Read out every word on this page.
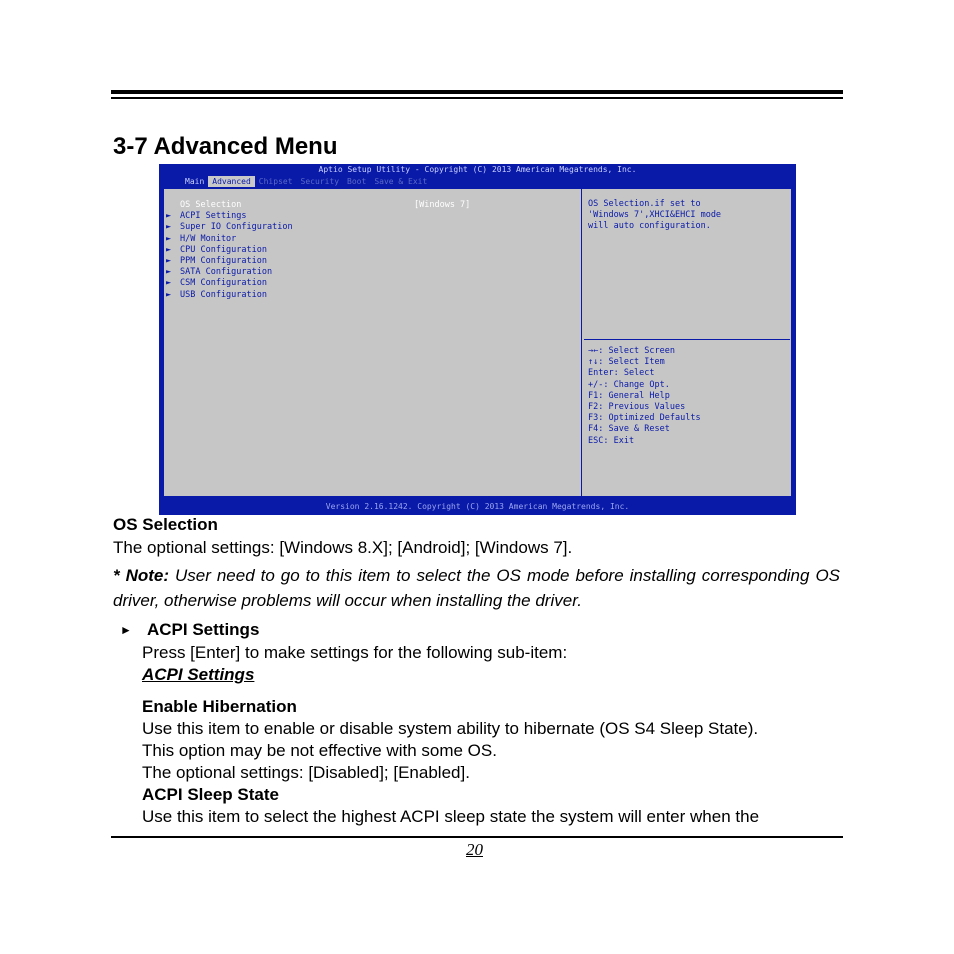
3-7 Advanced Menu
Aptio Setup Utility - Copyright (C) 2013 American Megatrends, Inc.
Main	Advanced	Chipset	Security	Boot	Save & Exit
OS Selection
► ACPI Settings
► Super IO Configuration
► H/W Monitor
► CPU Configuration
► PPM Configuration
► SATA Configuration
► CSM Configuration
► USB Configuration
[Windows 7]	OS Selection.if set to
'Windows 7',XHCI&EHCI mode
will auto configuration.
→←: Select Screen
↑↓: Select Item
Enter: Select
+/-: Change Opt.
F1: General Help
F2: Previous Values
F3: Optimized Defaults
F4: Save & Reset
ESC: Exit
Version 2.16.1242. Copyright (C) 2013 American Megatrends, Inc.
OS Selection
The optional settings: [Windows 8.X]; [Android]; [Windows 7].
* Note: User need to go to this item to select the OS mode before installing corresponding OS driver, otherwise problems will occur when installing the driver.
► ACPI Settings
Press [Enter] to make settings for the following sub-item:
ACPI Settings
Enable Hibernation
Use this item to enable or disable system ability to hibernate (OS S4 Sleep State).
This option may be not effective with some OS.
The optional settings: [Disabled]; [Enabled].
ACPI Sleep State
Use this item to select the highest ACPI sleep state the system will enter when the
20
